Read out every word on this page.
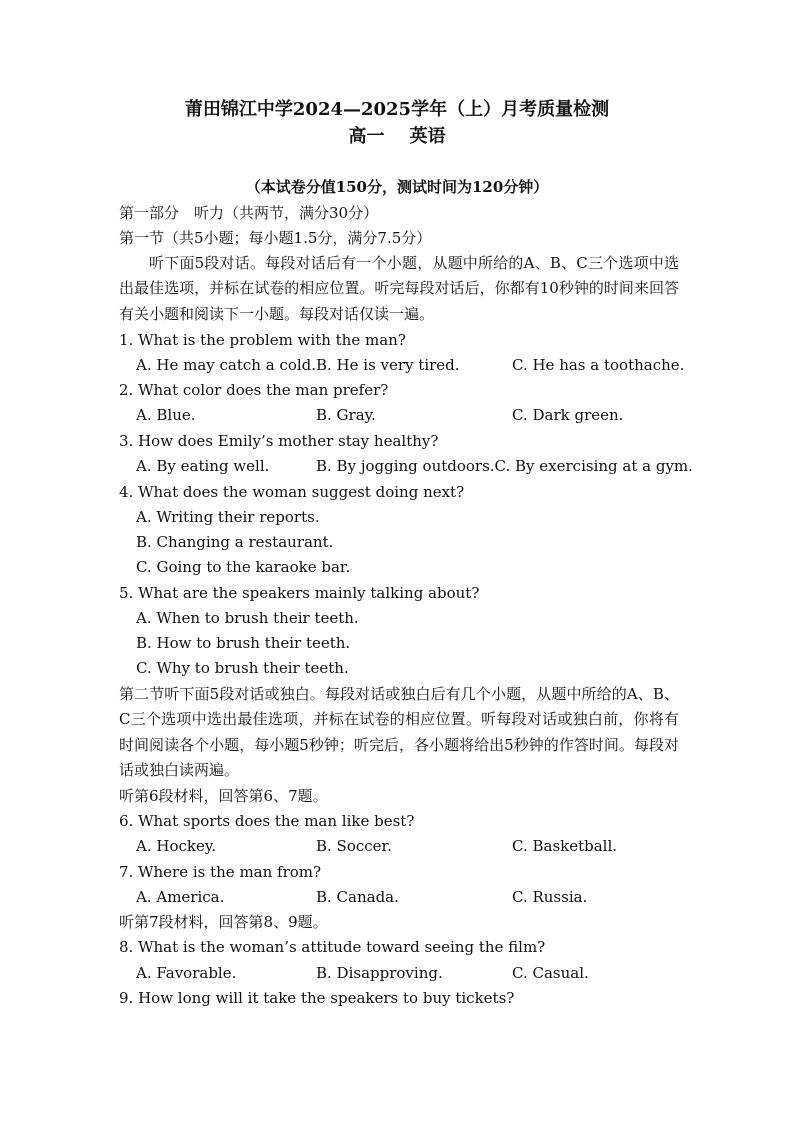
莆田锦江中学2024—2025学年（上）月考质量检测
高一    英语
（本试卷分值150分，测试时间为120分钟）
第一部分　听力（共两节，满分30分）
第一节（共5小题；每小题1.5分，满分7.5分）
听下面5段对话。每段对话后有一个小题，从题中所给的A、B、C三个选项中选出最佳选项，并标在试卷的相应位置。听完每段对话后，你都有10秒钟的时间来回答有关小题和阅读下一小题。每段对话仅读一遍。
1. What is the problem with the man?
A. He may catch a cold. B. He is very tired.	C. He has a toothache.
2. What color does the man prefer?
A. Blue.	B. Gray.	C. Dark green.
3. How does Emily’s mother stay healthy?
A. By eating well.	B. By jogging outdoors.C. By exercising at a gym.
4. What does the woman suggest doing next?
A. Writing their reports.
B. Changing a restaurant.
C. Going to the karaoke bar.
5. What are the speakers mainly talking about?
A. When to brush their teeth.
B. How to brush their teeth.
C. Why to brush their teeth.
第二节听下面5段对话或独白。每段对话或独白后有几个小题，从题中所给的A、B、C三个选项中选出最佳选项，并标在试卷的相应位置。听每段对话或独白前，你将有时间阅读各个小题，每小题5秒钟；听完后，各小题将给出5秒钟的作答时间。每段对话或独白读两遍。
听第6段材料，回答第6、7题。
6. What sports does the man like best?
A. Hockey.	B. Soccer.	C. Basketball.
7. Where is the man from?
A. America.	B. Canada.	C. Russia.
听第7段材料，回答第8、9题。
8. What is the woman’s attitude toward seeing the film?
A. Favorable.	B. Disapproving.	C. Casual.
9. How long will it take the speakers to buy tickets?
